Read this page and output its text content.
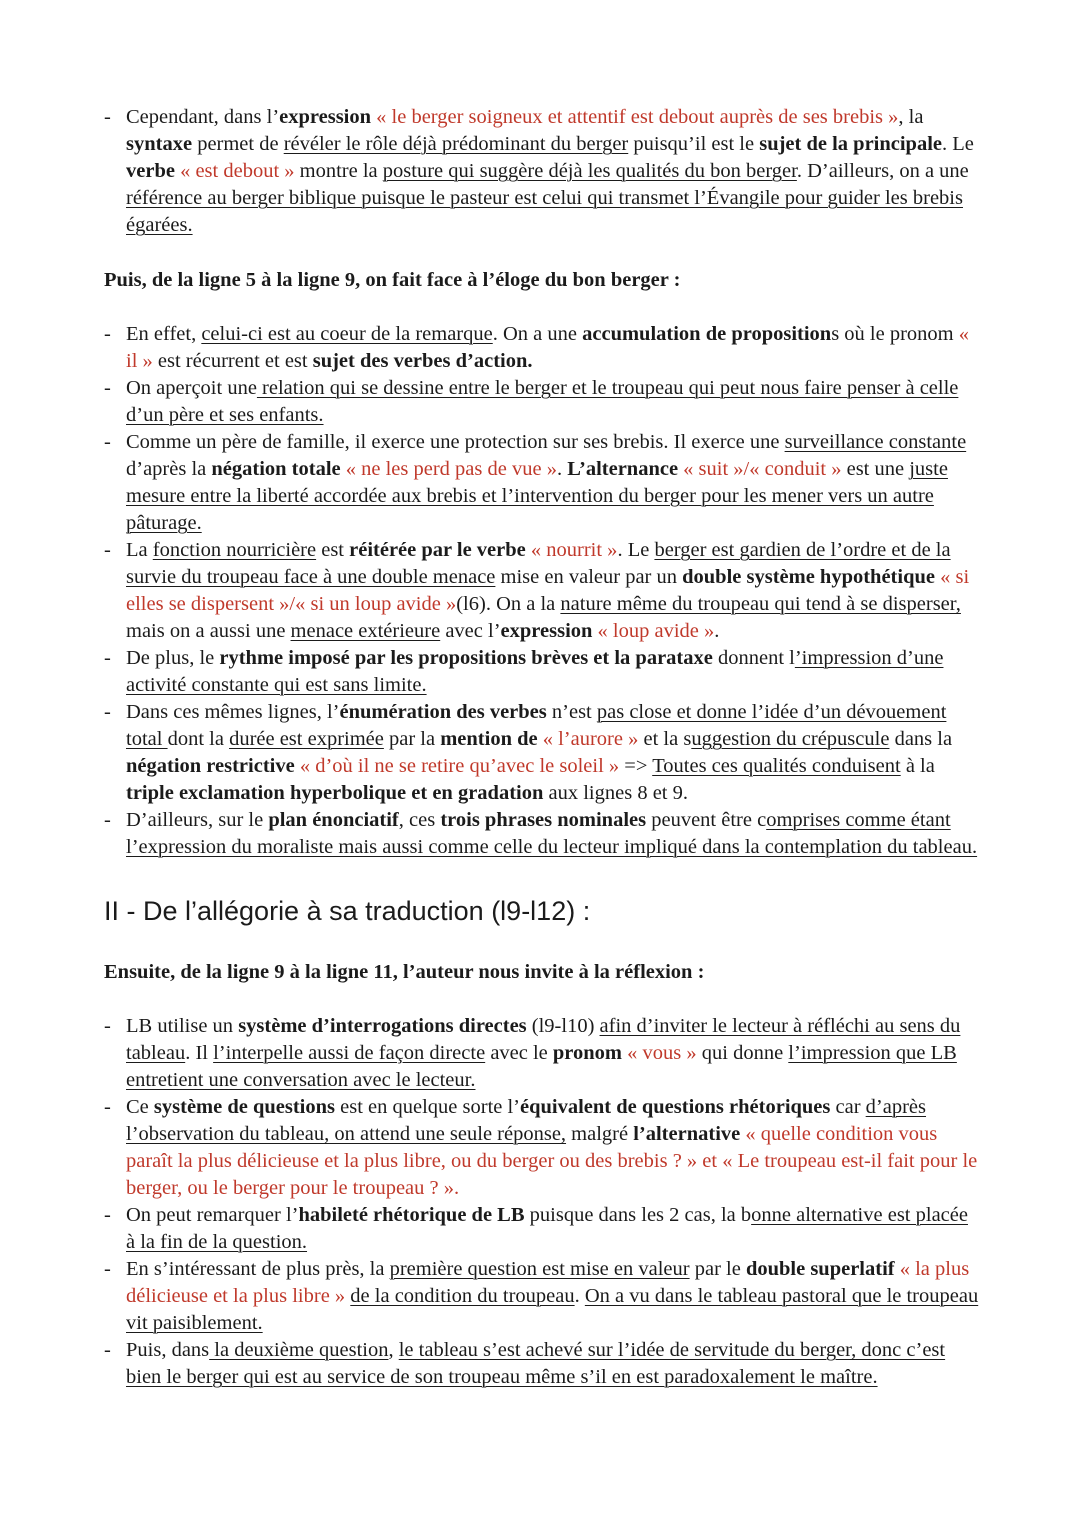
- Cependant, dans l’expression « le berger soigneux et attentif est debout auprès de ses brebis », la syntaxe permet de révéler le rôle déjà prédominant du berger puisqu’il est le sujet de la principale. Le verbe « est debout » montre la posture qui suggère déjà les qualités du bon berger. D’ailleurs, on a une référence au berger biblique puisque le pasteur est celui qui transmet l’Évangile pour guider les brebis égarées.

Puis, de la ligne 5 à la ligne 9, on fait face à l’éloge du bon berger :

- En effet, celui-ci est au coeur de la remarque. On a une accumulation de propositions où le pronom « il » est récurrent et est sujet des verbes d’action.
- On aperçoit une relation qui se dessine entre le berger et le troupeau qui peut nous faire penser à celle d’un père et ses enfants.
- Comme un père de famille, il exerce une protection sur ses brebis. Il exerce une surveillance constante d’après la négation totale « ne les perd pas de vue ». L’alternance « suit »/« conduit » est une juste mesure entre la liberté accordée aux brebis et l’intervention du berger pour les mener vers un autre pâturage.
- La fonction nourricière est réitérée par le verbe « nourrit ». Le berger est gardien de l’ordre et de la survie du troupeau face à une double menace mise en valeur par un double système hypothétique « si elles se dispersent »/« si un loup avide »(l6). On a la nature même du troupeau qui tend à se disperser, mais on a aussi une menace extérieure avec l’expression « loup avide ».
- De plus, le rythme imposé par les propositions brèves et la parataxe donnent l’impression d’une activité constante qui est sans limite.
- Dans ces mêmes lignes, l’énumération des verbes n’est pas close et donne l’idée d’un dévouement total dont la durée est exprimée par la mention de « l’aurore » et la suggestion du crépuscule dans la négation restrictive « d’où il ne se retire qu’avec le soleil » => Toutes ces qualités conduisent à la triple exclamation hyperbolique et en gradation aux lignes 8 et 9.
- D’ailleurs, sur le plan énonciatif, ces trois phrases nominales peuvent être comprises comme étant l’expression du moraliste mais aussi comme celle du lecteur impliqué dans la contemplation du tableau.
II - De l’allégorie à sa traduction (l9-l12) :

Ensuite, de la ligne 9 à la ligne 11, l’auteur nous invite à la réflexion :

- LB utilise un système d’interrogations directes (l9-l10) afin d’inviter le lecteur à réfléchi au sens du tableau. Il l’interpelle aussi de façon directe avec le pronom « vous » qui donne l’impression que LB entretient une conversation avec le lecteur.
- Ce système de questions est en quelque sorte l’équivalent de questions rhétoriques car d’après l’observation du tableau, on attend une seule réponse, malgré l’alternative « quelle condition vous paraît la plus délicieuse et la plus libre, ou du berger ou des brebis ? » et « Le troupeau est-il fait pour le berger, ou le berger pour le troupeau ? ».
- On peut remarquer l’habileté rhétorique de LB puisque dans les 2 cas, la bonne alternative est placée à la fin de la question.
- En s’intéressant de plus près, la première question est mise en valeur par le double superlatif « la plus délicieuse et la plus libre » de la condition du troupeau. On a vu dans le tableau pastoral que le troupeau vit paisiblement.
- Puis, dans la deuxième question, le tableau s’est achevé sur l’idée de servitude du berger, donc c’est bien le berger qui est au service de son troupeau même s’il en est paradoxalement le maître.
